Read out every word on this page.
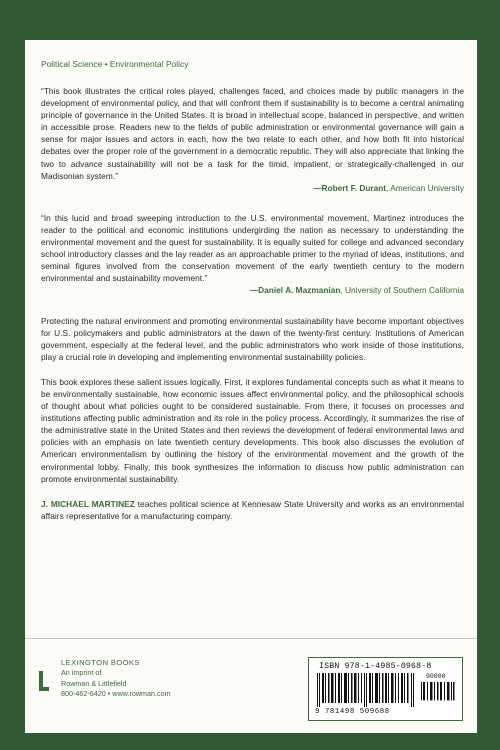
Political Science • Environmental Policy

“This book illustrates the critical roles played, challenges faced, and choices made by public managers in the development of environmental policy, and that will confront them if sustainability is to become a central animating principle of governance in the United States. It is broad in intellectual scope, balanced in perspective, and written in accessible prose. Readers new to the fields of public administration or environmental governance will gain a sense for major issues and actors in each, how the two relate to each other, and how both fit into historical debates over the proper role of the government in a democratic republic. They will also appreciate that linking the two to advance sustainability will not be a task for the timid, impatient, or strategically-challenged in our Madisonian system.”

—Robert F. Durant, American University

“In this lucid and broad sweeping introduction to the U.S. environmental movement, Martinez introduces the reader to the political and economic institutions undergirding the nation as necessary to understanding the environmental movement and the quest for sustainability. It is equally suited for college and advanced secondary school introductory classes and the lay reader as an approachable primer to the myriad of ideas, institutions, and seminal figures involved from the conservation movement of the early twentieth century to the modern environmental and sustainability movement.”

—Daniel A. Mazmanian, University of Southern California

Protecting the natural environment and promoting environmental sustainability have become important objectives for U.S. policymakers and public administrators at the dawn of the twenty-first century. Institutions of American government, especially at the federal level, and the public administrators who work inside of those institutions, play a crucial role in developing and implementing environmental sustainability policies.

This book explores these salient issues logically. First, it explores fundamental concepts such as what it means to be environmentally sustainable, how economic issues affect environmental policy, and the philosophical schools of thought about what policies ought to be considered sustainable. From there, it focuses on processes and institutions affecting public administration and its role in the policy process. Accordingly, it summarizes the rise of the administrative state in the United States and then reviews the development of federal environmental laws and policies with an emphasis on late twentieth century developments. This book also discusses the evolution of American environmentalism by outlining the history of the environmental movement and the growth of the environmental lobby. Finally, this book synthesizes the information to discuss how public administration can promote environmental sustainability.

J. MICHAEL MARTINEZ teaches political science at Kennesaw State University and works as an environmental affairs representative for a manufacturing company.

LEXINGTON BOOKS
An imprint of
Rowman & Littlefield
800-462-6420 • www.rowman.com
ISBN 978-1-4985-0968-8
90000
9 781498 509688
